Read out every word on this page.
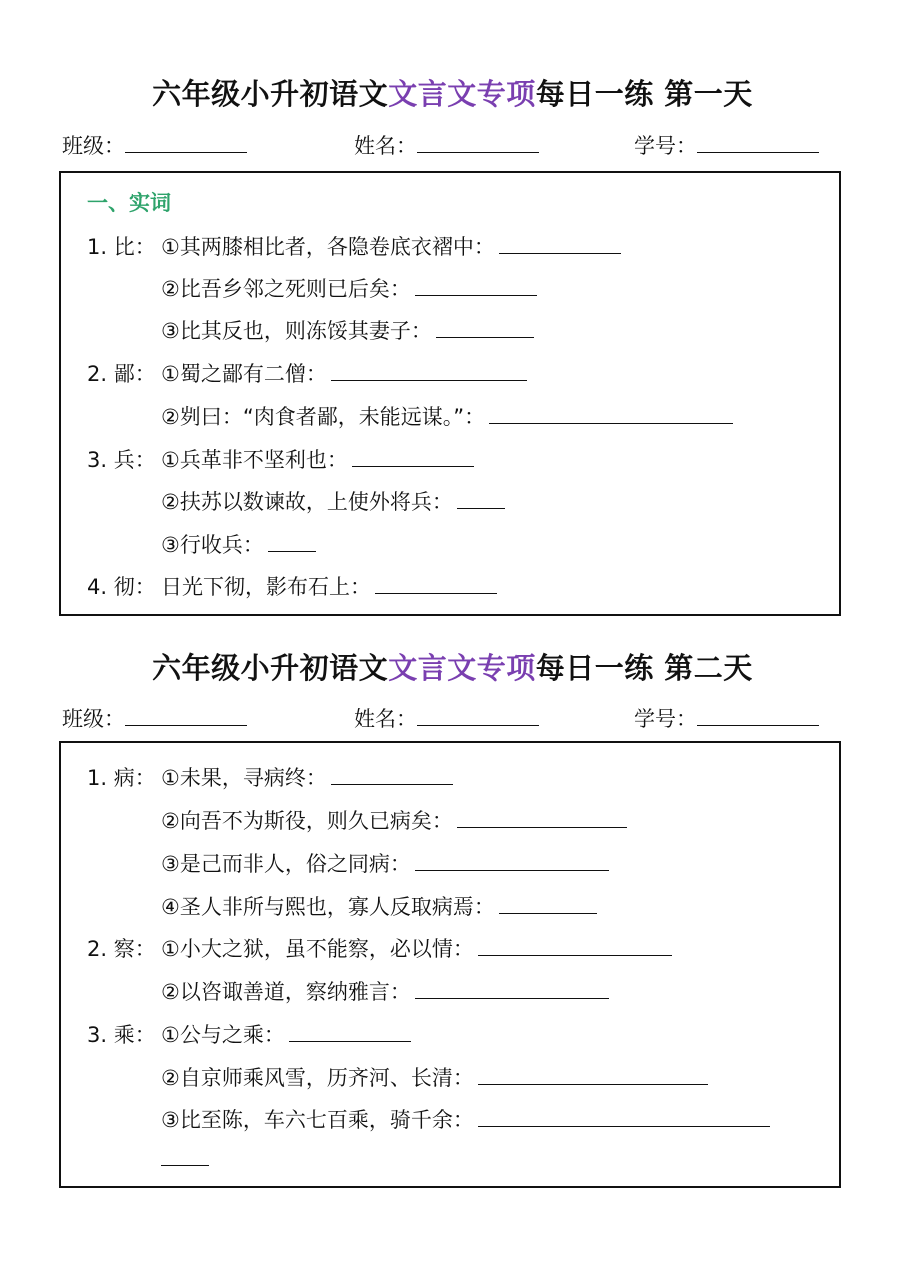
六年级小升初语文文言文专项每日一练 第一天
班级：	姓名：	学号：
一、实词
1. 比： ①其两膝相比者，各隐卷底衣褶中：
②比吾乡邻之死则已后矣：
③比其反也，则冻馁其妻子：
2. 鄙： ①蜀之鄙有二僧：
②刿曰：“肉食者鄙，未能远谋。”：
3. 兵： ①兵革非不坚利也：
②扶苏以数谏故，上使外将兵：
③行收兵：
4. 彻： 日光下彻，影布石上：
六年级小升初语文文言文专项每日一练 第二天
班级：	姓名：	学号：
1. 病： ①未果，寻病终：
②向吾不为斯役，则久已病矣：
③是己而非人，俗之同病：
④圣人非所与熙也，寡人反取病焉：
2. 察： ①小大之狱，虽不能察，必以情：
②以咨诹善道，察纳雅言：
3. 乘： ①公与之乘：
②自京师乘风雪，历齐河、长清：
③比至陈，车六七百乘，骑千余：
